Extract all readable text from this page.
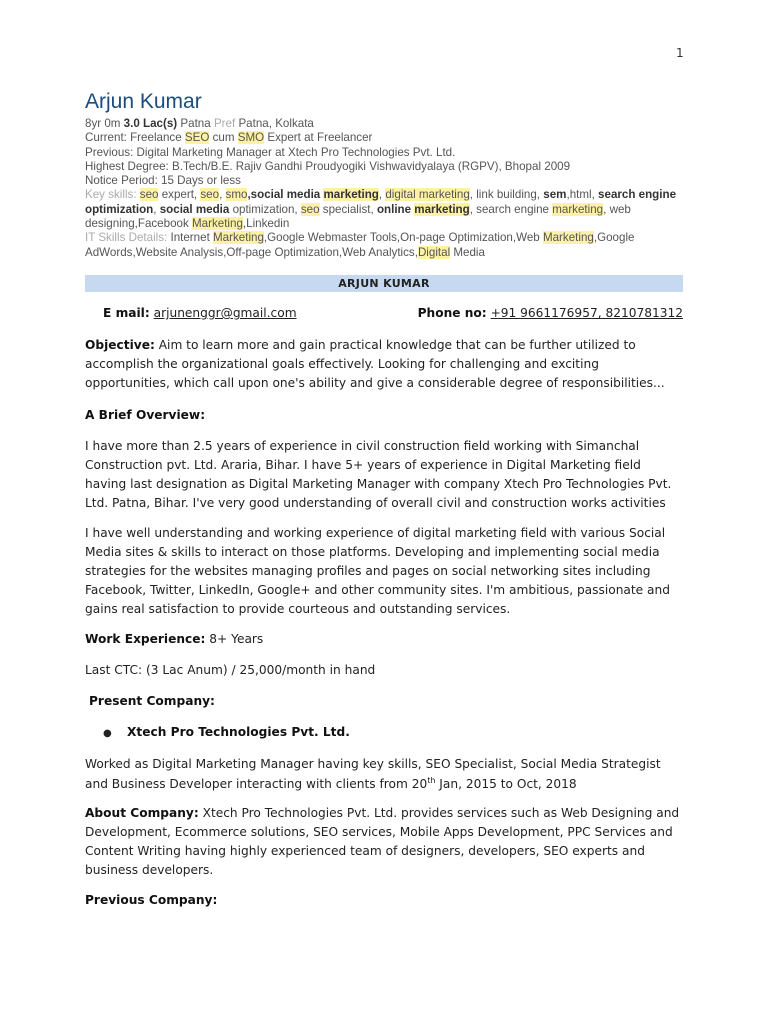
1
Arjun Kumar
8yr 0m 3.0 Lac(s) Patna Pref Patna, Kolkata
Current: Freelance SEO cum SMO Expert at Freelancer
Previous: Digital Marketing Manager at Xtech Pro Technologies Pvt. Ltd.
Highest Degree: B.Tech/B.E. Rajiv Gandhi Proudyogiki Vishwavidyalaya (RGPV), Bhopal 2009
Notice Period: 15 Days or less
Key skills: seo expert, seo, smo,social media marketing, digital marketing, link building, sem,html, search engine optimization, social media optimization, seo specialist, online marketing, search engine marketing, web designing,Facebook Marketing,Linkedin
IT Skills Details: Internet Marketing,Google Webmaster Tools,On-page Optimization,Web Marketing,Google AdWords,Website Analysis,Off-page Optimization,Web Analytics,Digital Media
ARJUN KUMAR
E mail: arjunenggr@gmail.com	Phone no: +91 9661176957, 8210781312

Objective: Aim to learn more and gain practical knowledge that can be further utilized to accomplish the organizational goals effectively. Looking for challenging and exciting opportunities, which call upon one's ability and give a considerable degree of responsibilities...

A Brief Overview:

I have more than 2.5 years of experience in civil construction field working with Simanchal Construction pvt. Ltd. Araria, Bihar. I have 5+ years of experience in Digital Marketing field having last designation as Digital Marketing Manager with company Xtech Pro Technologies Pvt. Ltd. Patna, Bihar. I've very good understanding of overall civil and construction works activities

I have well understanding and working experience of digital marketing field with various Social Media sites & skills to interact on those platforms. Developing and implementing social media strategies for the websites managing profiles and pages on social networking sites including Facebook, Twitter, LinkedIn, Google+ and other community sites. I'm ambitious, passionate and gains real satisfaction to provide courteous and outstanding services.

Work Experience: 8+ Years

Last CTC: (3 Lac Anum) / 25,000/month in hand

Present Company:

●	Xtech Pro Technologies Pvt. Ltd.

Worked as Digital Marketing Manager having key skills, SEO Specialist, Social Media Strategist and Business Developer interacting with clients from 20th Jan, 2015 to Oct, 2018

About Company: Xtech Pro Technologies Pvt. Ltd. provides services such as Web Designing and Development, Ecommerce solutions, SEO services, Mobile Apps Development, PPC Services and Content Writing having highly experienced team of designers, developers, SEO experts and business developers.

Previous Company:
